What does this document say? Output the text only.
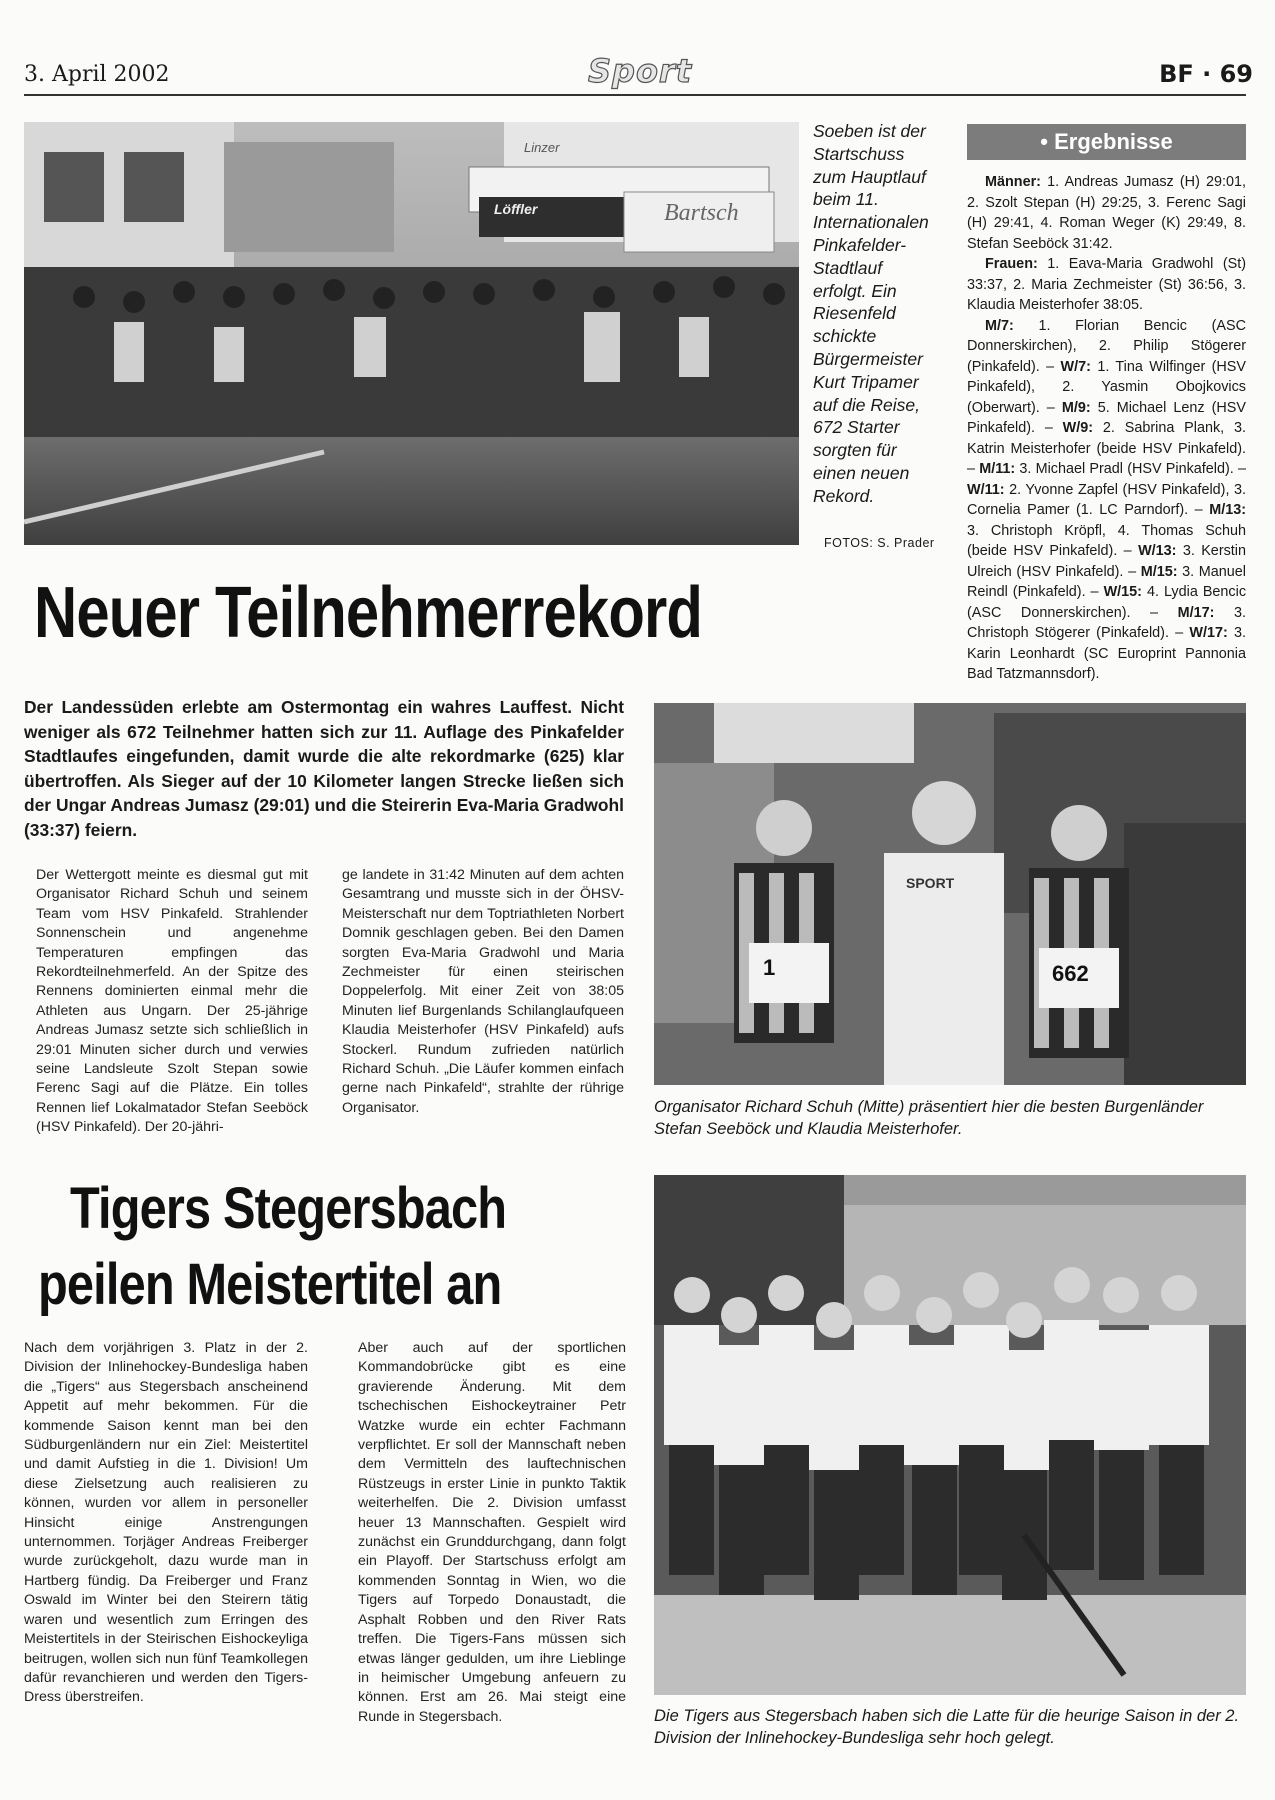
3. April 2002	Sport	BF · 69
Linzer
Löffler	Bartsch
Soeben ist der Startschuss zum Hauptlauf beim 11. Internationalen Pinkafelder-Stadtlauf erfolgt. Ein Riesenfeld schickte Bürgermeister Kurt Tripamer auf die Reise, 672 Starter sorgten für einen neuen Rekord.
FOTOS: S. Prader
• Ergebnisse

Männer: 1. Andreas Jumasz (H) 29:01, 2. Szolt Stepan (H) 29:25, 3. Ferenc Sagi (H) 29:41, 4. Roman Weger (K) 29:49, 8. Stefan Seeböck 31:42.

Frauen: 1. Eava-Maria Gradwohl (St) 33:37, 2. Maria Zechmeister (St) 36:56, 3. Klaudia Meisterhofer 38:05.

M/7: 1. Florian Bencic (ASC Donnerskirchen), 2. Philip Stögerer (Pinkafeld). – W/7: 1. Tina Wilfinger (HSV Pinkafeld), 2. Yasmin Obojkovics (Oberwart). – M/9: 5. Michael Lenz (HSV Pinkafeld). – W/9: 2. Sabrina Plank, 3. Katrin Meisterhofer (beide HSV Pinkafeld). – M/11: 3. Michael Pradl (HSV Pinkafeld). – W/11: 2. Yvonne Zapfel (HSV Pinkafeld), 3. Cornelia Pamer (1. LC Parndorf). – M/13: 3. Christoph Kröpfl, 4. Thomas Schuh (beide HSV Pinkafeld). – W/13: 3. Kerstin Ulreich (HSV Pinkafeld). – M/15: 3. Manuel Reindl (Pinkafeld). – W/15: 4. Lydia Bencic (ASC Donnerskirchen). – M/17: 3. Christoph Stögerer (Pinkafeld). – W/17: 3. Karin Leonhardt (SC Europrint Pannonia Bad Tatzmannsdorf).

Neuer Teilnehmerrekord
Der Landessüden erlebte am Ostermontag ein wahres Lauffest. Nicht weniger als 672 Teilnehmer hatten sich zur 11. Auflage des Pinkafelder Stadtlaufes eingefunden, damit wurde die alte rekordmarke (625) klar übertroffen. Als Sieger auf der 10 Kilometer langen Strecke ließen sich der Ungar Andreas Jumasz (29:01) und die Steirerin Eva-Maria Gradwohl (33:37) feiern.
Der Wettergott meinte es diesmal gut mit Organisator Richard Schuh und seinem Team vom HSV Pinkafeld. Strahlender Sonnenschein und angenehme Temperaturen empfingen das Rekordteilnehmerfeld. An der Spitze des Rennens dominierten einmal mehr die Athleten aus Ungarn. Der 25-jährige Andreas Jumasz setzte sich schließlich in 29:01 Minuten sicher durch und verwies seine Landsleute Szolt Stepan sowie Ferenc Sagi auf die Plätze. Ein tolles Rennen lief Lokalmatador Stefan Seeböck (HSV Pinkafeld). Der 20-jähri-
ge landete in 31:42 Minuten auf dem achten Gesamtrang und musste sich in der ÖHSV-Meisterschaft nur dem Toptriathleten Norbert Domnik geschlagen geben. Bei den Damen sorgten Eva-Maria Gradwohl und Maria Zechmeister für einen steirischen Doppelerfolg. Mit einer Zeit von 38:05 Minuten lief Burgenlands Schilanglaufqueen Klaudia Meisterhofer (HSV Pinkafeld) aufs Stockerl. Rundum zufrieden natürlich Richard Schuh. „Die Läufer kommen einfach gerne nach Pinkafeld“, strahlte der rührige Organisator.
1	662
SPORT
Organisator Richard Schuh (Mitte) präsentiert hier die besten Burgenländer Stefan Seeböck und Klaudia Meisterhofer.
Tigers Stegersbach
peilen Meistertitel an
Nach dem vorjährigen 3. Platz in der 2. Division der Inlinehockey-Bundesliga haben die „Tigers“ aus Stegersbach anscheinend Appetit auf mehr bekommen. Für die kommende Saison kennt man bei den Südburgenländern nur ein Ziel: Meistertitel und damit Aufstieg in die 1. Division! Um diese Zielsetzung auch realisieren zu können, wurden vor allem in personeller Hinsicht einige Anstrengungen unternommen. Torjäger Andreas Freiberger wurde zurückgeholt, dazu wurde man in Hartberg fündig. Da Freiberger und Franz Oswald im Winter bei den Steirern tätig waren und wesentlich zum Erringen des Meistertitels in der Steirischen Eishockeyliga beitrugen, wollen sich nun fünf Teamkollegen dafür revanchieren und werden den Tigers-Dress überstreifen.
Aber auch auf der sportlichen Kommandobrücke gibt es eine gravierende Änderung. Mit dem tschechischen Eishockeytrainer Petr Watzke wurde ein echter Fachmann verpflichtet. Er soll der Mannschaft neben dem Vermitteln des lauftechnischen Rüstzeugs in erster Linie in punkto Taktik weiterhelfen. Die 2. Division umfasst heuer 13 Mannschaften. Gespielt wird zunächst ein Grunddurchgang, dann folgt ein Playoff. Der Startschuss erfolgt am kommenden Sonntag in Wien, wo die Tigers auf Torpedo Donaustadt, die Asphalt Robben und den River Rats treffen. Die Tigers-Fans müssen sich etwas länger gedulden, um ihre Lieblinge in heimischer Umgebung anfeuern zu können. Erst am 26. Mai steigt eine Runde in Stegersbach.	Die Tigers aus Stegersbach haben sich die Latte für die heurige Saison in der 2. Division der Inlinehockey-Bundesliga sehr hoch gelegt.
